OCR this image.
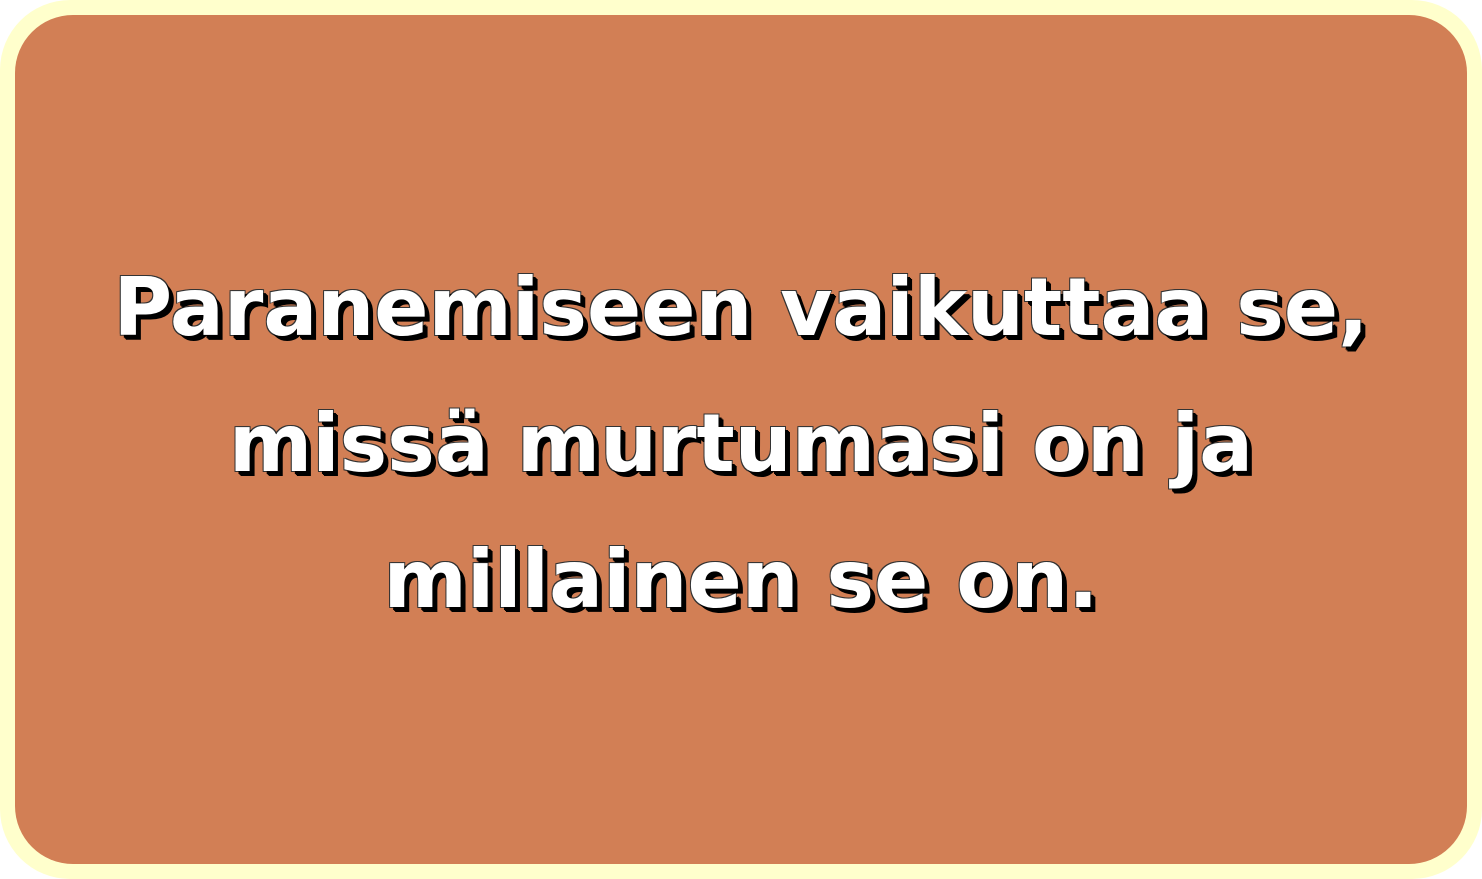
Paranemiseen vaikuttaa se,
missä murtumasi on ja
millainen se on.
